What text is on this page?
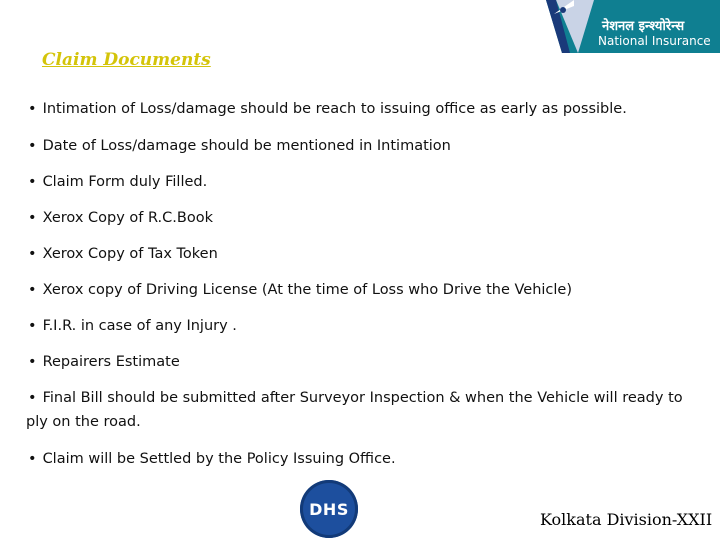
नेशनल इन्श्योरेन्स
National Insurance
Claim Documents
• Intimation of Loss/damage should be reach to issuing office as early as possible.
• Date of Loss/damage should be mentioned in Intimation
• Claim Form duly Filled.
• Xerox Copy of R.C.Book
• Xerox Copy of Tax Token
• Xerox copy of Driving License (At the time of Loss who Drive the Vehicle)
• F.I.R. in case of any Injury .
• Repairers Estimate
• Final Bill should be submitted after Surveyor Inspection & when the Vehicle will ready to ply on the road.
• Claim will be Settled by the Policy Issuing Office.
DHS
Kolkata Division-XXII
